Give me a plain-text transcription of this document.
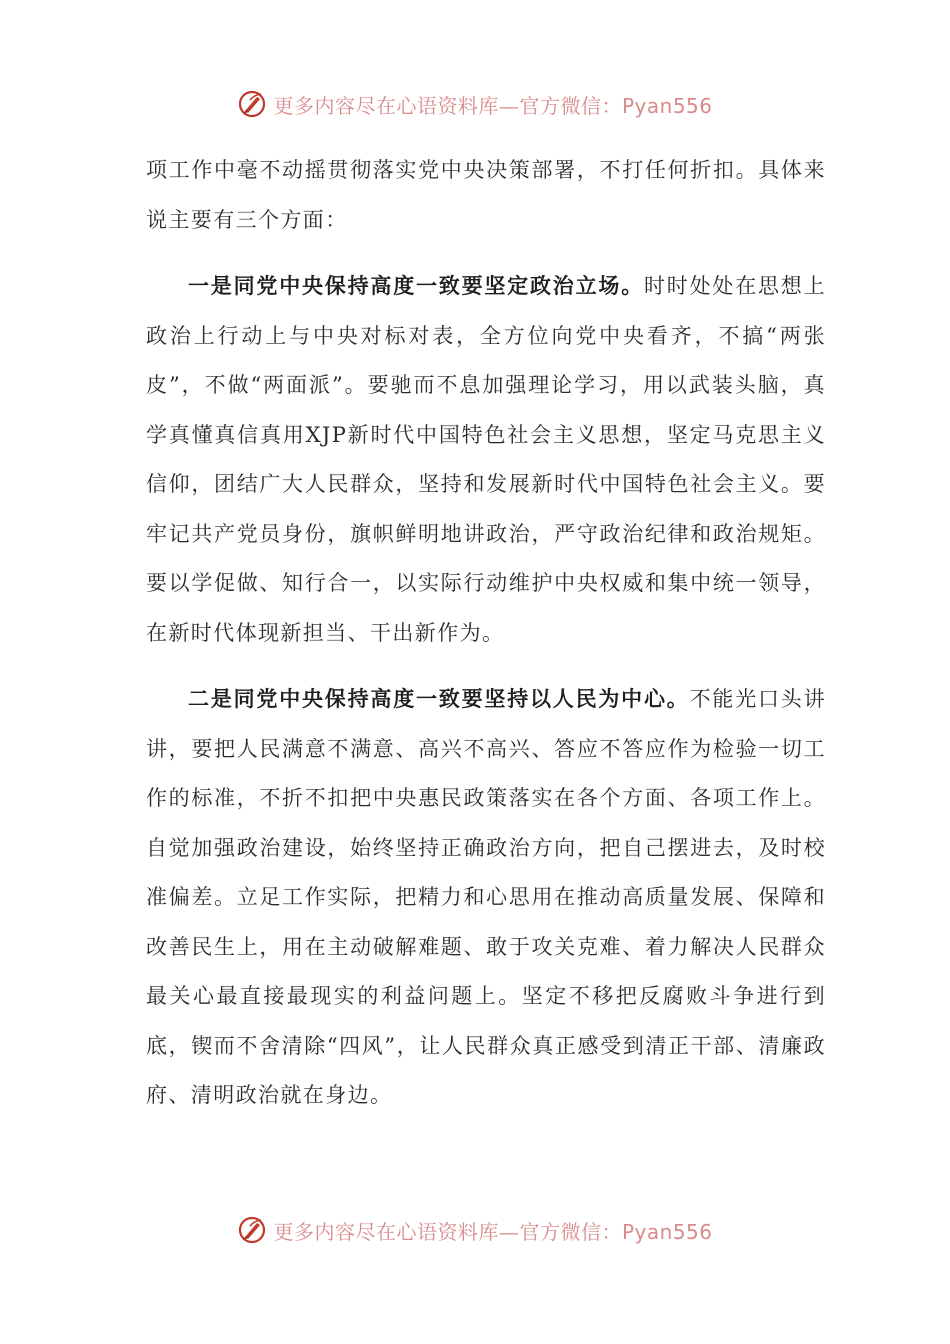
更多内容尽在心语资料库—官方微信：Pyan556

项工作中毫不动摇贯彻落实党中央决策部署，不打任何折扣。具体来说主要有三个方面：

一是同党中央保持高度一致要坚定政治立场。时时处处在思想上政治上行动上与中央对标对表，全方位向党中央看齐，不搞“两张皮”，不做“两面派”。要驰而不息加强理论学习，用以武装头脑，真学真懂真信真用XJP新时代中国特色社会主义思想，坚定马克思主义信仰，团结广大人民群众，坚持和发展新时代中国特色社会主义。要牢记共产党员身份，旗帜鲜明地讲政治，严守政治纪律和政治规矩。要以学促做、知行合一，以实际行动维护中央权威和集中统一领导，在新时代体现新担当、干出新作为。

二是同党中央保持高度一致要坚持以人民为中心。不能光口头讲讲，要把人民满意不满意、高兴不高兴、答应不答应作为检验一切工作的标准，不折不扣把中央惠民政策落实在各个方面、各项工作上。自觉加强政治建设，始终坚持正确政治方向，把自己摆进去，及时校准偏差。立足工作实际，把精力和心思用在推动高质量发展、保障和改善民生上，用在主动破解难题、敢于攻关克难、着力解决人民群众最关心最直接最现实的利益问题上。坚定不移把反腐败斗争进行到底，锲而不舍清除“四风”，让人民群众真正感受到清正干部、清廉政府、清明政治就在身边。

更多内容尽在心语资料库—官方微信：Pyan556
